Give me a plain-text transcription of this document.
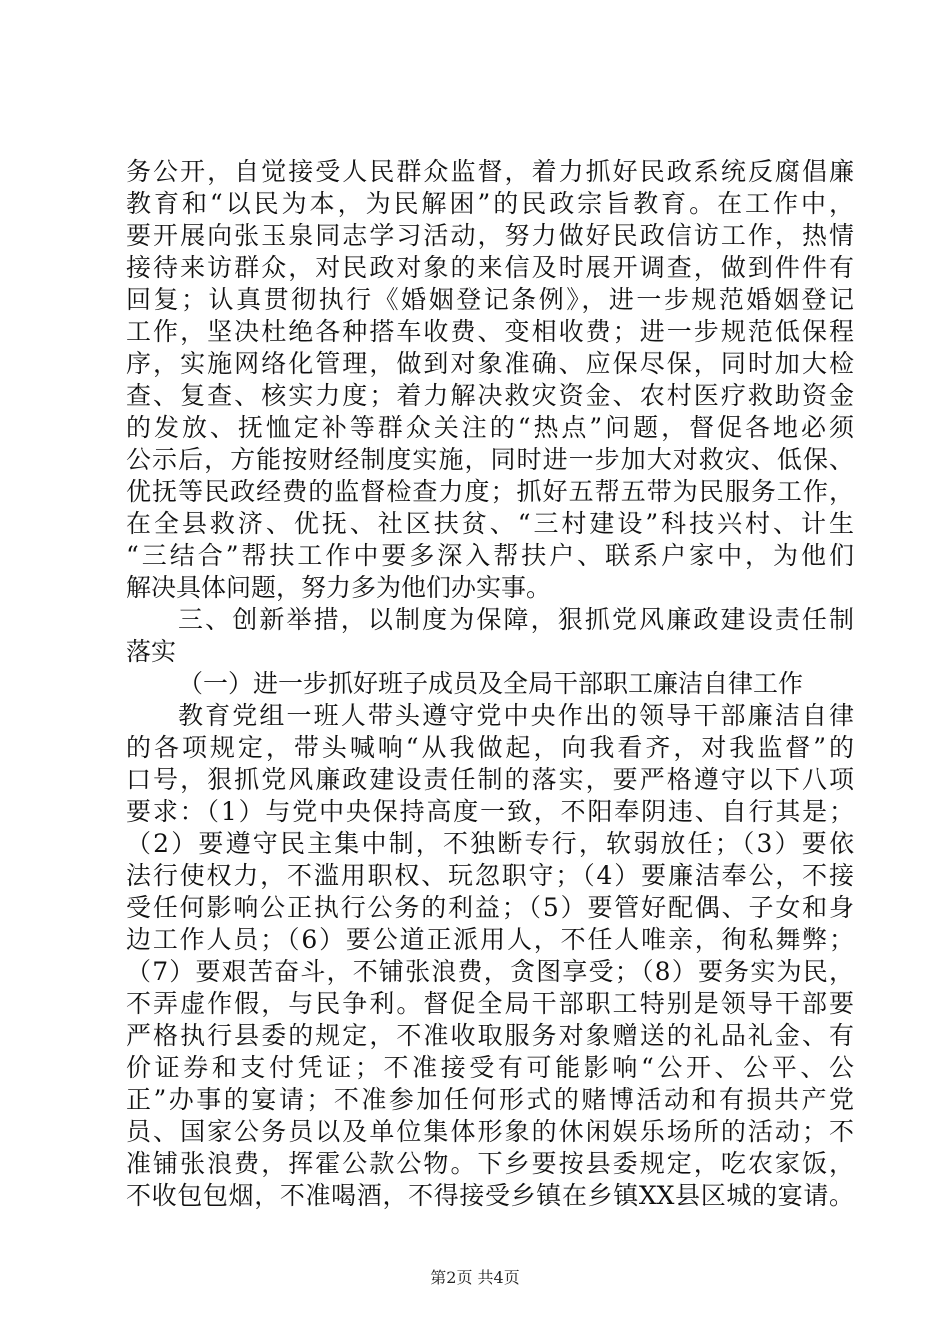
务公开，自觉接受人民群众监督，着力抓好民政系统反腐倡廉
教育和“以民为本，为民解困”的民政宗旨教育。在工作中，
要开展向张玉泉同志学习活动，努力做好民政信访工作，热情
接待来访群众，对民政对象的来信及时展开调查，做到件件有
回复；认真贯彻执行《婚姻登记条例》，进一步规范婚姻登记
工作，坚决杜绝各种搭车收费、变相收费；进一步规范低保程
序，实施网络化管理，做到对象准确、应保尽保，同时加大检
查、复查、核实力度；着力解决救灾资金、农村医疗救助资金
的发放、抚恤定补等群众关注的“热点”问题，督促各地必须
公示后，方能按财经制度实施，同时进一步加大对救灾、低保、
优抚等民政经费的监督检查力度；抓好五帮五带为民服务工作，
在全县救济、优抚、社区扶贫、“三村建设”科技兴村、计生
“三结合”帮扶工作中要多深入帮扶户、联系户家中，为他们
解决具体问题，努力多为他们办实事。
三、创新举措，以制度为保障，狠抓党风廉政建设责任制
落实
（一）进一步抓好班子成员及全局干部职工廉洁自律工作
教育党组一班人带头遵守党中央作出的领导干部廉洁自律
的各项规定，带头喊响“从我做起，向我看齐，对我监督”的
口号，狠抓党风廉政建设责任制的落实，要严格遵守以下八项
要求：（1）与党中央保持高度一致，不阳奉阴违、自行其是；
（2）要遵守民主集中制，不独断专行，软弱放任；（3）要依
法行使权力，不滥用职权、玩忽职守；（4）要廉洁奉公，不接
受任何影响公正执行公务的利益；（5）要管好配偶、子女和身
边工作人员；（6）要公道正派用人，不任人唯亲，徇私舞弊；
（7）要艰苦奋斗，不铺张浪费，贪图享受；（8）要务实为民，
不弄虚作假，与民争利。督促全局干部职工特别是领导干部要
严格执行县委的规定，不准收取服务对象赠送的礼品礼金、有
价证券和支付凭证；不准接受有可能影响“公开、公平、公
正”办事的宴请；不准参加任何形式的赌博活动和有损共产党
员、国家公务员以及单位集体形象的休闲娱乐场所的活动；不
准铺张浪费，挥霍公款公物。下乡要按县委规定，吃农家饭，
不收包包烟，不准喝酒，不得接受乡镇在乡镇XX县区城的宴请。
第2页 共4页
